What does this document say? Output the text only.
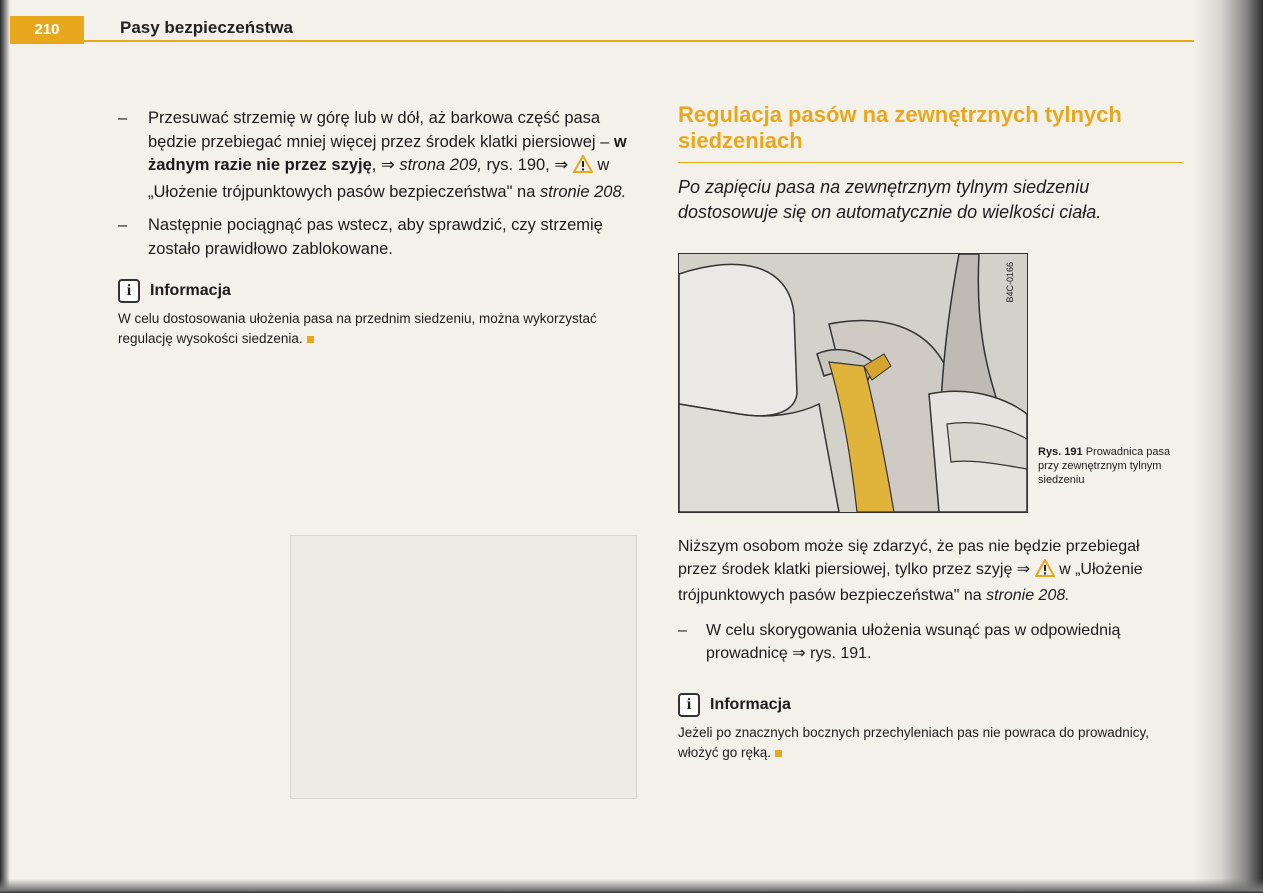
210	Pasy bezpieczeństwa
– Przesuwać strzemię w górę lub w dół, aż barkowa część pasa będzie przebiegać mniej więcej przez środek klatki piersiowej – w żadnym razie nie przez szyję, ⇒ strona 209, rys. 190, ⇒  w „Ułożenie trójpunktowych pasów bezpieczeństwa" na stronie 208.
– Następnie pociągnąć pas wstecz, aby sprawdzić, czy strzemię zostało prawidłowo zablokowane.
i	Informacja
W celu dostosowania ułożenia pasa na przednim siedzeniu, można wykorzystać regulację wysokości siedzenia.
Regulacja pasów na zewnętrznych tylnych siedzeniach
Po zapięciu pasa na zewnętrznym tylnym siedzeniu dostosowuje się on automatycznie do wielkości ciała.
B4C-0166
Rys. 191 Prowadnica pasa przy zewnętrznym tylnym siedzeniu
Niższym osobom może się zdarzyć, że pas nie będzie przebiegał przez środek klatki piersiowej, tylko przez szyję ⇒  w „Ułożenie trójpunktowych pasów bezpieczeństwa" na stronie 208.
– W celu skorygowania ułożenia wsunąć pas w odpowiednią prowadnicę ⇒ rys. 191.
i	Informacja
Jeżeli po znacznych bocznych przechyleniach pas nie powraca do prowadnicy, włożyć go ręką.
